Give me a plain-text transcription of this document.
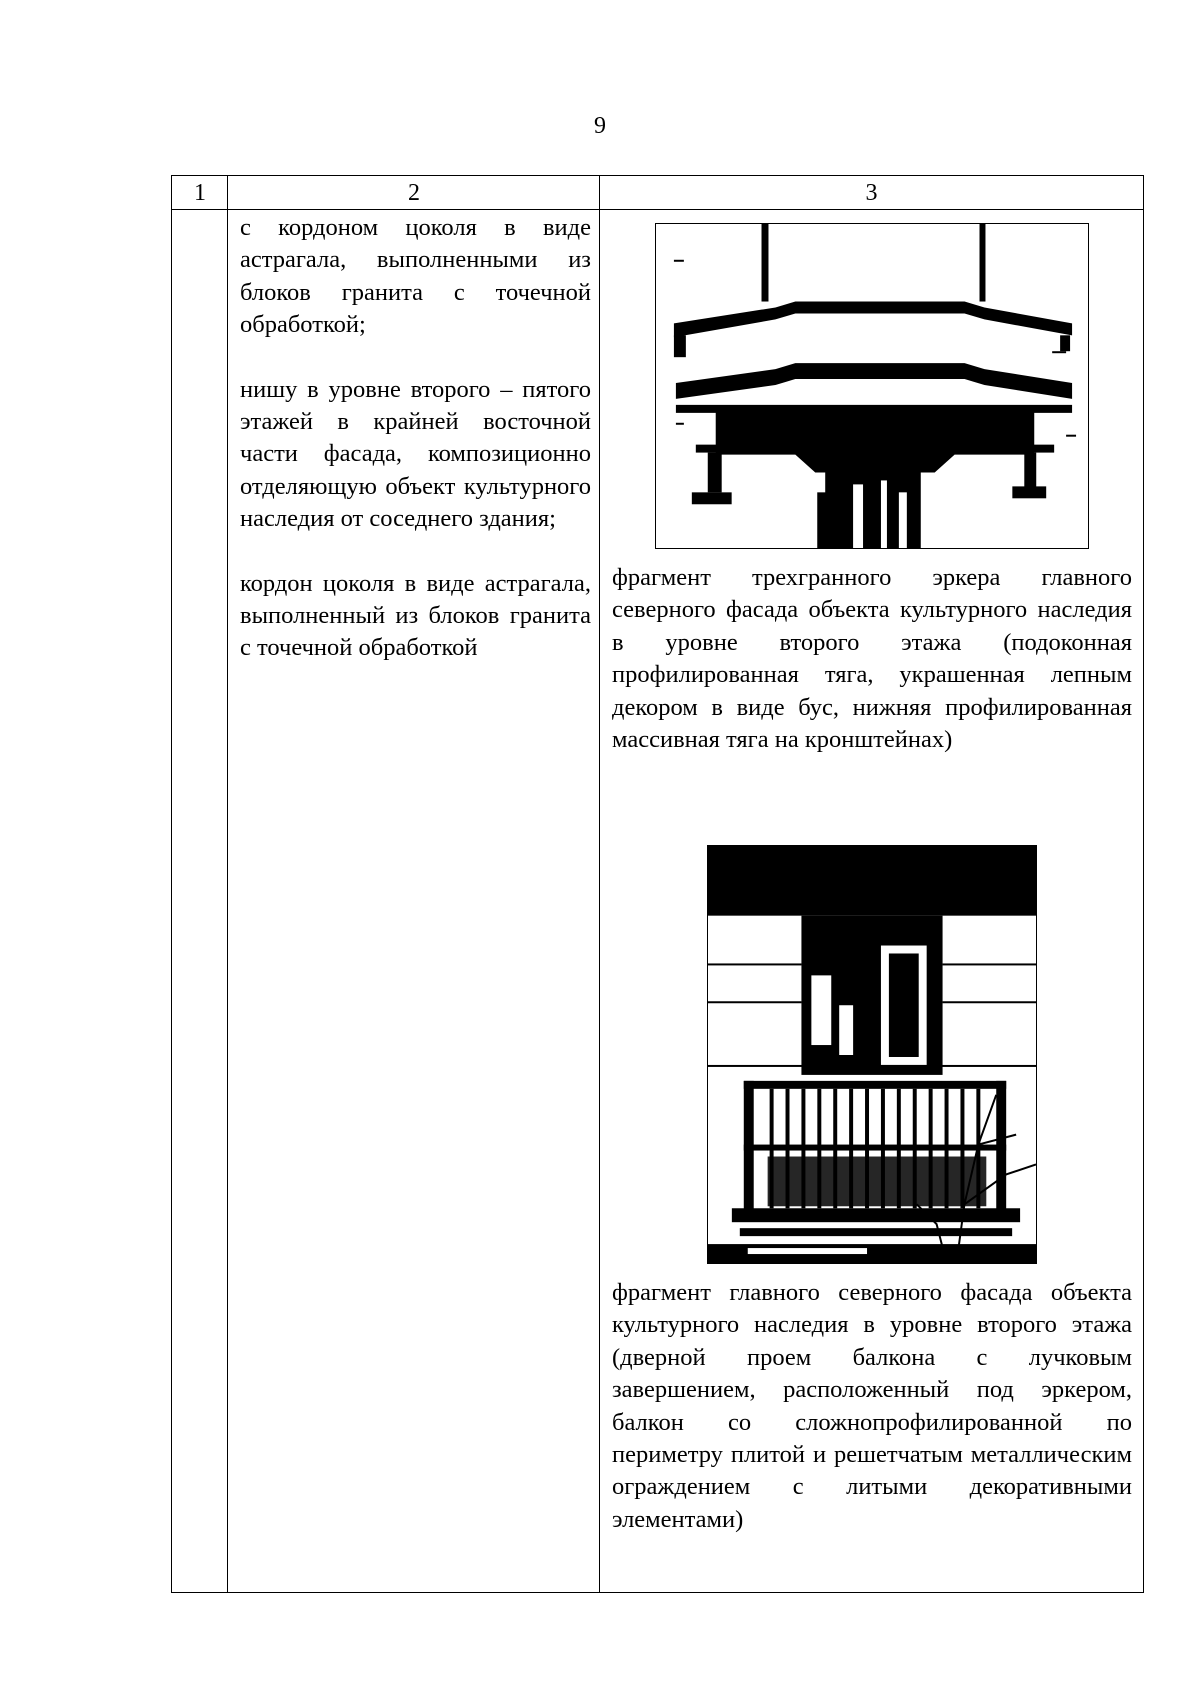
9
1	2	3

с кордоном цоколя в виде астрагала, выполненными из блоков гранита с точечной обработкой;

нишу в уровне второго – пятого этажей в крайней восточной части фасада, композиционно отделяющую объект культурного наследия от соседнего здания;

кордон цоколя в виде астрагала, выполненный из блоков гранита с точечной обработкой

фрагмент трехгранного эркера главного северного фасада объекта культурного наследия в уровне второго этажа (подоконная профилированная тяга, украшенная лепным декором в виде бус, нижняя профилированная массивная тяга на кронштейнах)
фрагмент главного северного фасада объекта культурного наследия в уровне второго этажа (дверной проем балкона с лучковым завершением, расположенный под эркером, балкон со сложнопрофилированной по периметру плитой и решетчатым металлическим ограждением с литыми декоративными элементами)
